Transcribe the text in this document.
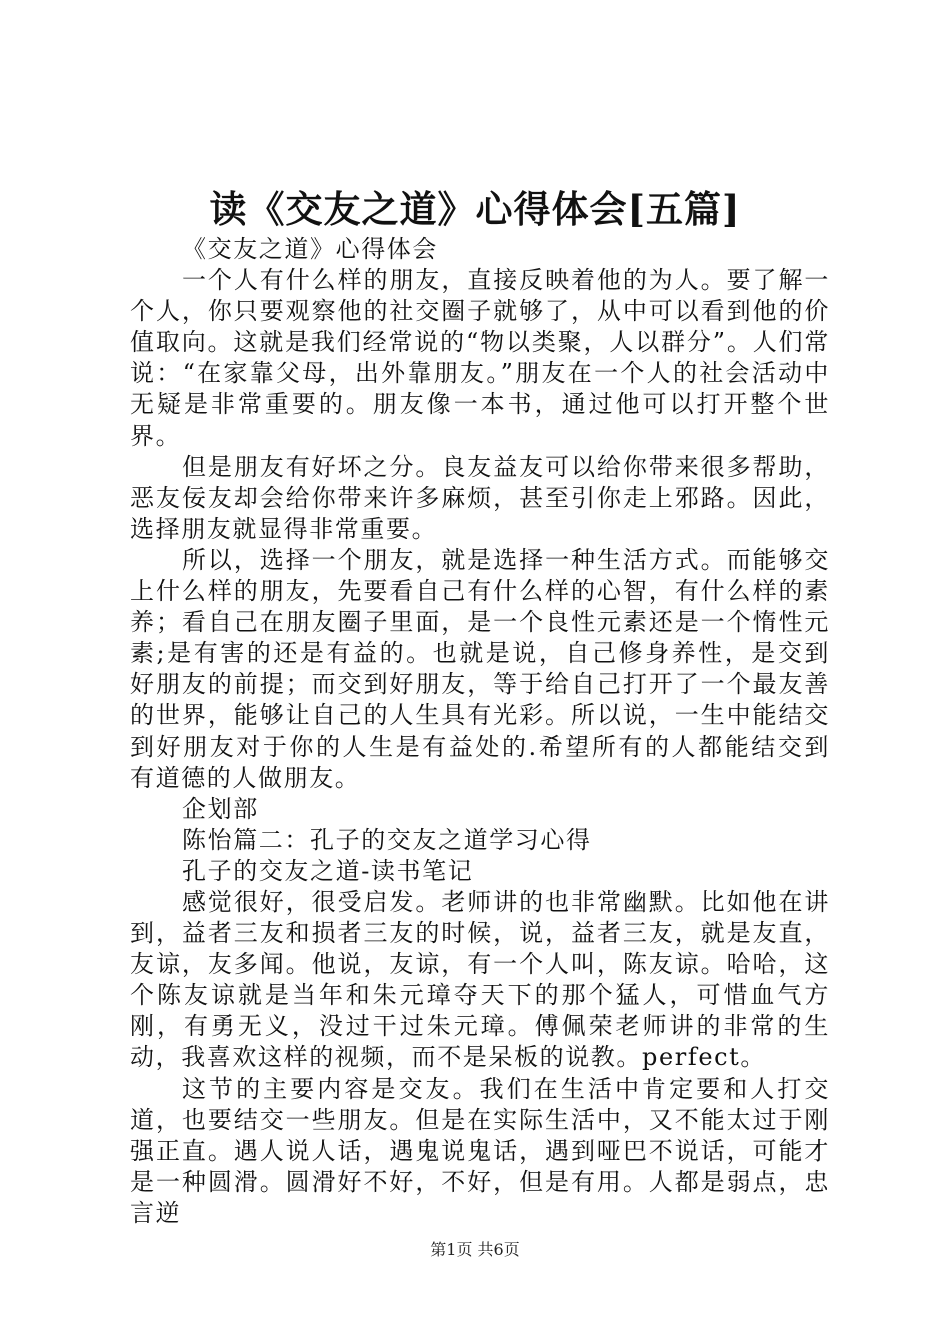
读《交友之道》心得体会[五篇]

《交友之道》心得体会

一个人有什么样的朋友，直接反映着他的为人。要了解一个人，你只要观察他的社交圈子就够了，从中可以看到他的价值取向。这就是我们经常说的“物以类聚，人以群分”。人们常说：“在家靠父母，出外靠朋友。”朋友在一个人的社会活动中无疑是非常重要的。朋友像一本书，通过他可以打开整个世界。

但是朋友有好坏之分。良友益友可以给你带来很多帮助，恶友佞友却会给你带来许多麻烦，甚至引你走上邪路。因此，选择朋友就显得非常重要。

所以，选择一个朋友，就是选择一种生活方式。而能够交上什么样的朋友，先要看自己有什么样的心智，有什么样的素养；看自己在朋友圈子里面，是一个良性元素还是一个惰性元素;是有害的还是有益的。也就是说，自己修身养性，是交到好朋友的前提；而交到好朋友，等于给自己打开了一个最友善的世界，能够让自己的人生具有光彩。所以说，一生中能结交到好朋友对于你的人生是有益处的.希望所有的人都能结交到有道德的人做朋友。

企划部

陈怡篇二：孔子的交友之道学习心得

孔子的交友之道-读书笔记

感觉很好，很受启发。老师讲的也非常幽默。比如他在讲到，益者三友和损者三友的时候，说，益者三友，就是友直，友谅，友多闻。他说，友谅，有一个人叫，陈友谅。哈哈，这个陈友谅就是当年和朱元璋夺天下的那个猛人，可惜血气方刚，有勇无义，没过干过朱元璋。傅佩荣老师讲的非常的生动，我喜欢这样的视频，而不是呆板的说教。perfect。

这节的主要内容是交友。我们在生活中肯定要和人打交道，也要结交一些朋友。但是在实际生活中，又不能太过于刚强正直。遇人说人话，遇鬼说鬼话，遇到哑巴不说话，可能才是一种圆滑。圆滑好不好，不好，但是有用。人都是弱点，忠言逆

第1页 共6页
